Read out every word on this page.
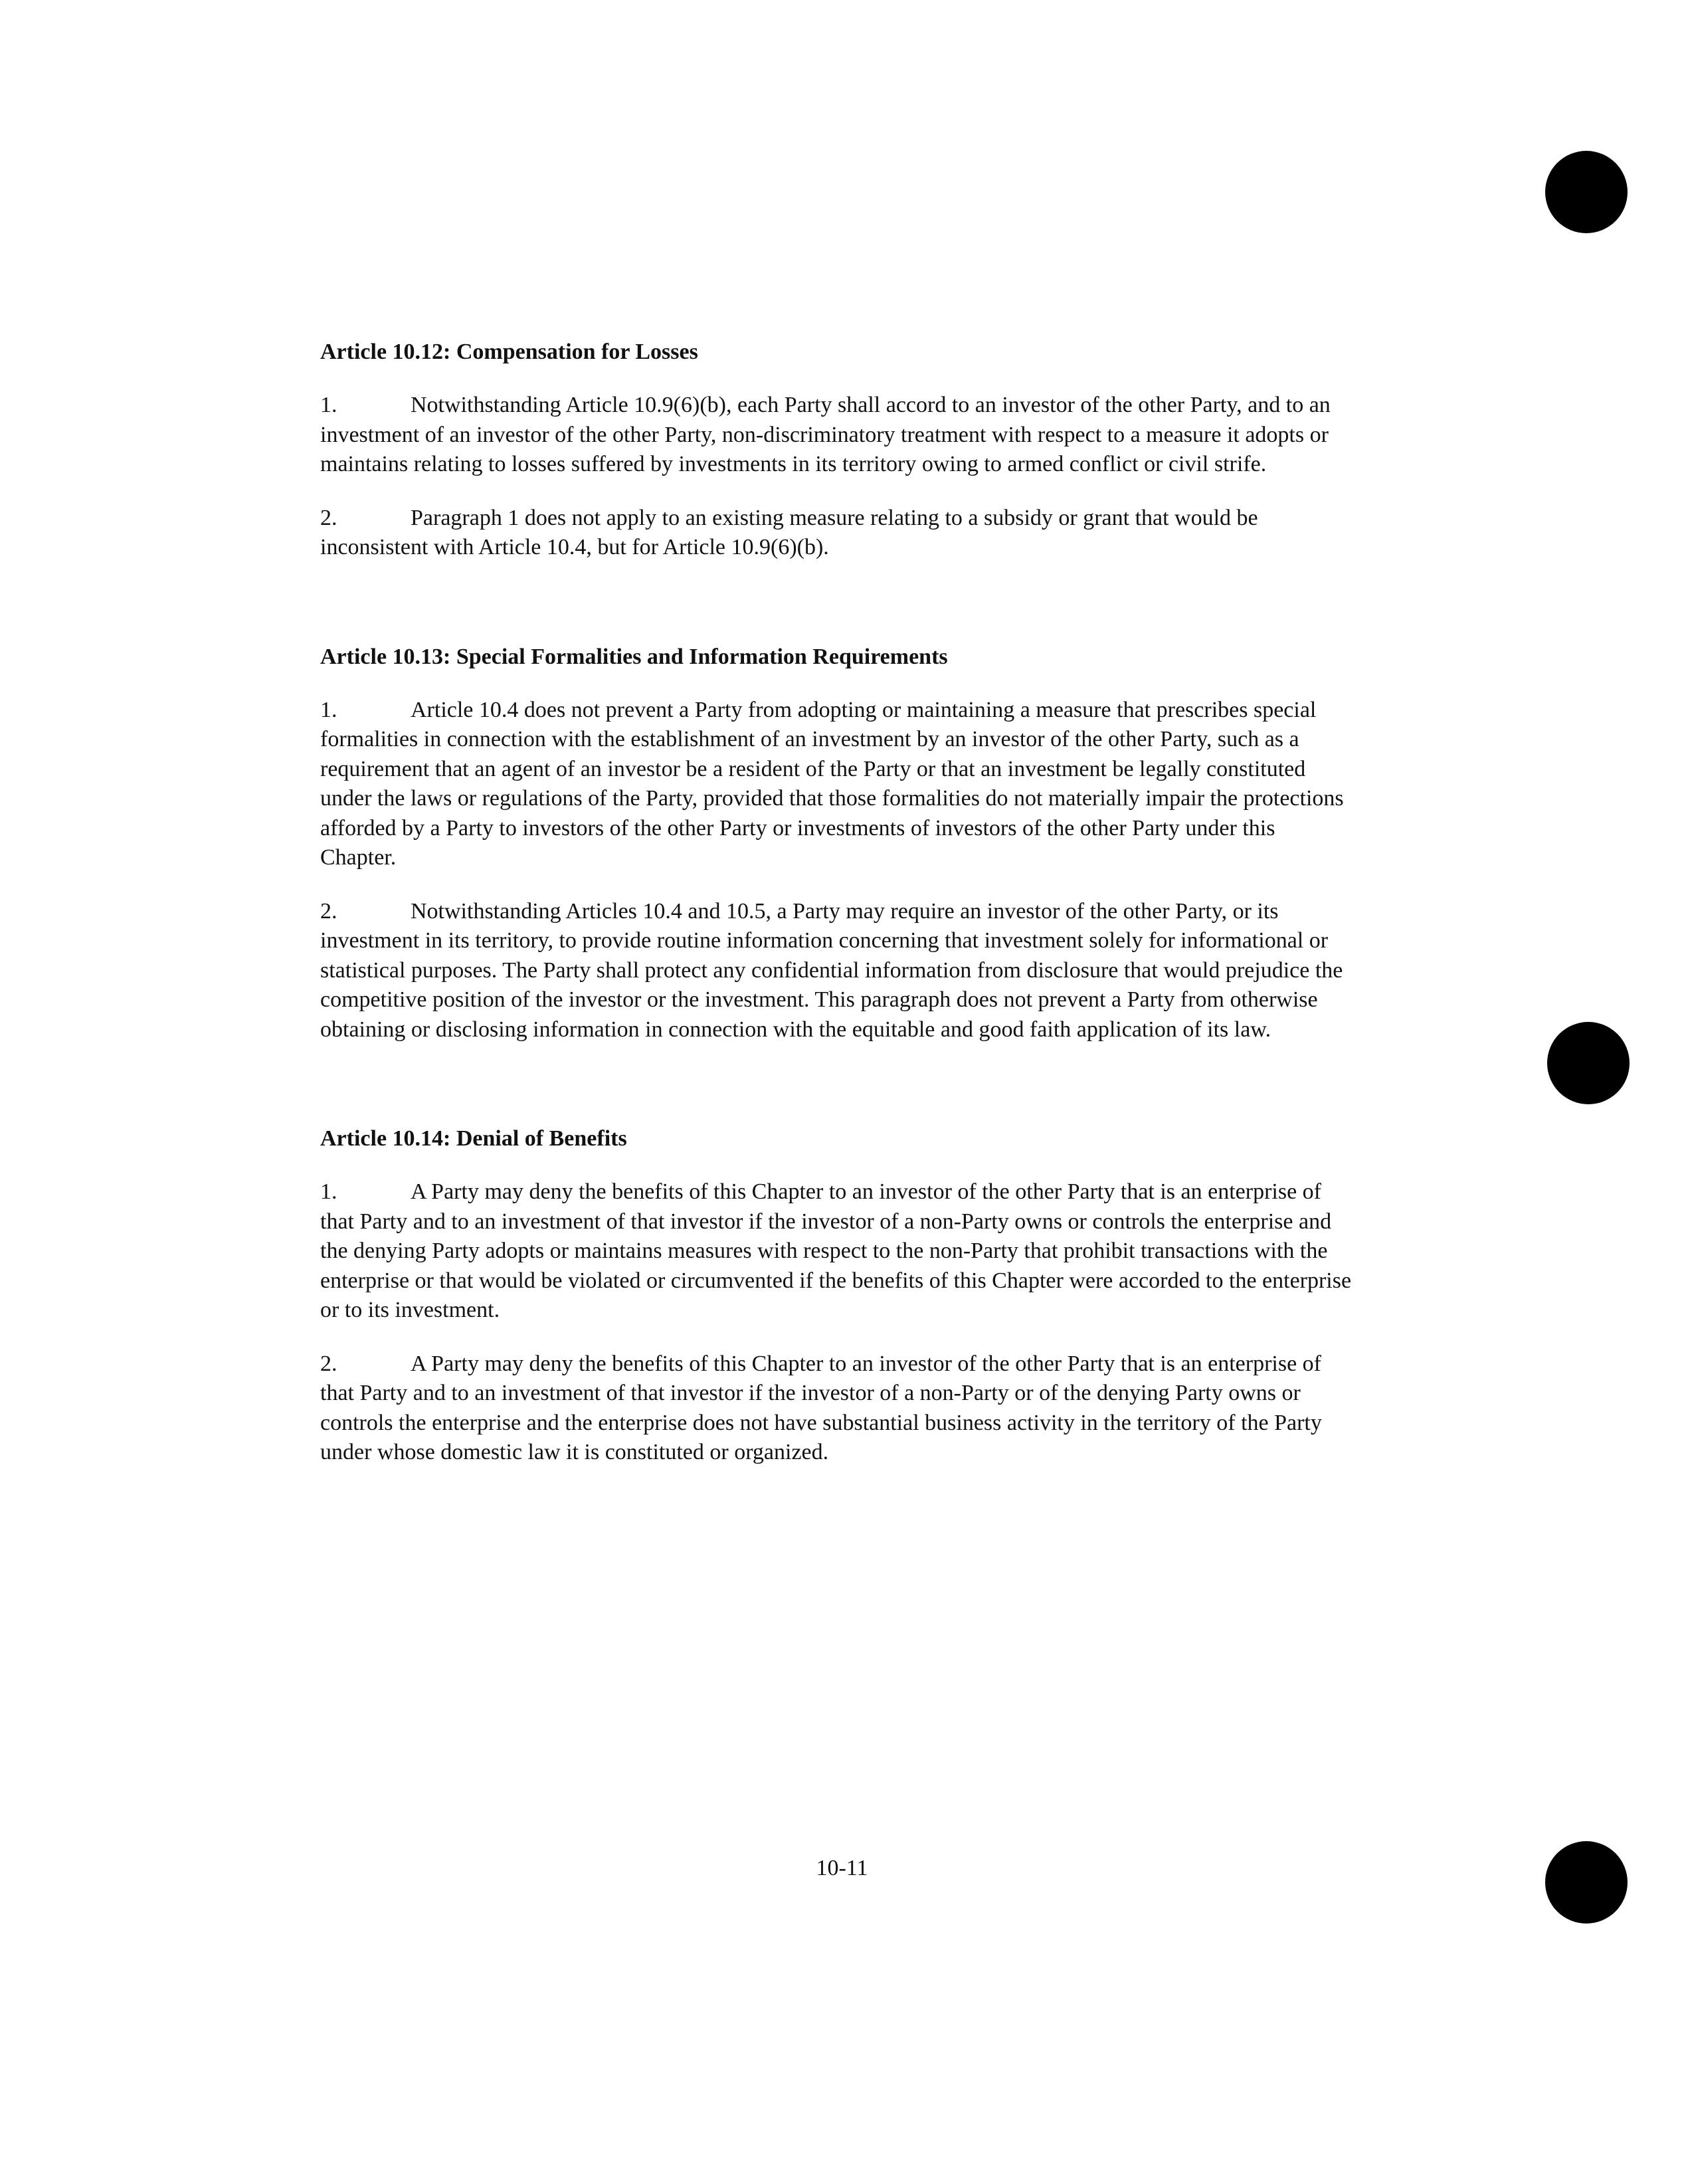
Article 10.12: Compensation for Losses

1.	Notwithstanding Article 10.9(6)(b), each Party shall accord to an investor of the other Party, and to an investment of an investor of the other Party, non-discriminatory treatment with respect to a measure it adopts or maintains relating to losses suffered by investments in its territory owing to armed conflict or civil strife.

2.	Paragraph 1 does not apply to an existing measure relating to a subsidy or grant that would be inconsistent with Article 10.4, but for Article 10.9(6)(b).

Article 10.13: Special Formalities and Information Requirements

1.	Article 10.4 does not prevent a Party from adopting or maintaining a measure that prescribes special formalities in connection with the establishment of an investment by an investor of the other Party, such as a requirement that an agent of an investor be a resident of the Party or that an investment be legally constituted under the laws or regulations of the Party, provided that those formalities do not materially impair the protections afforded by a Party to investors of the other Party or investments of investors of the other Party under this Chapter.

2.	Notwithstanding Articles 10.4 and 10.5, a Party may require an investor of the other Party, or its investment in its territory, to provide routine information concerning that investment solely for informational or statistical purposes. The Party shall protect any confidential information from disclosure that would prejudice the competitive position of the investor or the investment. This paragraph does not prevent a Party from otherwise obtaining or disclosing information in connection with the equitable and good faith application of its law.

Article 10.14: Denial of Benefits

1.	A Party may deny the benefits of this Chapter to an investor of the other Party that is an enterprise of that Party and to an investment of that investor if the investor of a non-Party owns or controls the enterprise and the denying Party adopts or maintains measures with respect to the non-Party that prohibit transactions with the enterprise or that would be violated or circumvented if the benefits of this Chapter were accorded to the enterprise or to its investment.

2.	A Party may deny the benefits of this Chapter to an investor of the other Party that is an enterprise of that Party and to an investment of that investor if the investor of a non-Party or of the denying Party owns or controls the enterprise and the enterprise does not have substantial business activity in the territory of the Party under whose domestic law it is constituted or organized.

10-11
